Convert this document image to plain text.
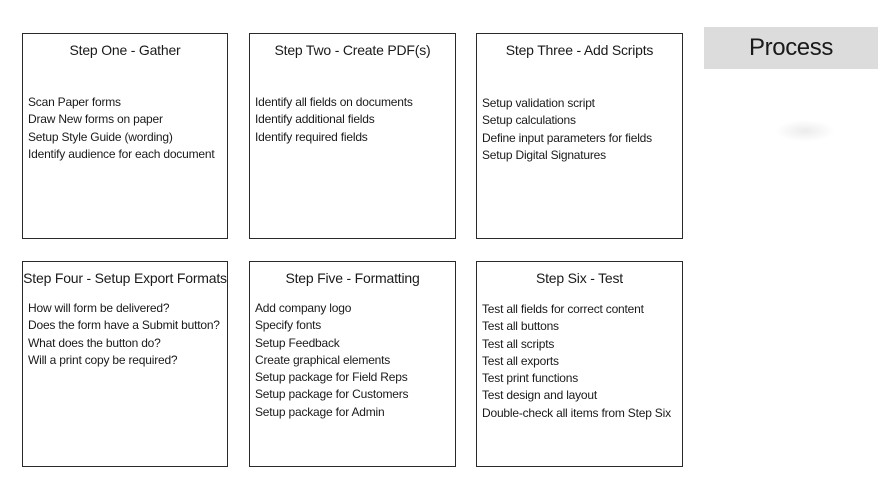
Step One - Gather
Scan Paper forms
Draw New forms on paper
Setup Style Guide (wording)
Identify audience for each document
Step Two - Create PDF(s)
Identify all fields on documents
Identify additional fields
Identify required fields
Step Three - Add Scripts
Setup validation script
Setup calculations
Define input parameters for fields
Setup Digital Signatures
Step Four - Setup Export Formats
How will form be delivered?
Does the form have a Submit button?
What does the button do?
Will a print copy be required?
Step Five - Formatting
Add company logo
Specify fonts
Setup Feedback
Create graphical elements
Setup package for Field Reps
Setup package for Customers
Setup package for Admin
Step Six - Test
Test all fields for correct content
Test all buttons
Test all scripts
Test all exports
Test print functions
Test design and layout
Double-check all items from Step Six
Process
